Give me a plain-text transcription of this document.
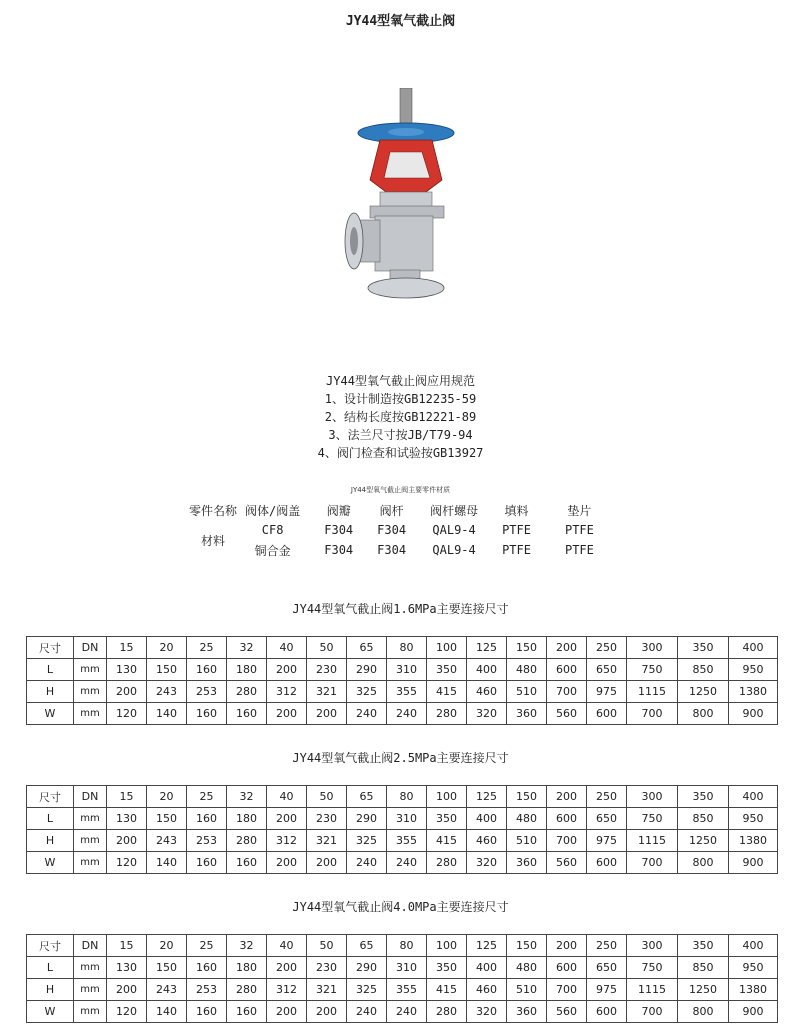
JY44型氧气截止阀
JY44型氧气截止阀应用规范
1、设计制造按GB12235-59
2、结构长度按GB12221-89
3、法兰尺寸按JB/T79-94
4、阀门检查和试验按GB13927
JY44型氧气截止阀主要零件材质
零件名称	阀体/阀盖	阀瓣	阀杆	阀杆螺母	填料	垫片
材料	CF8	F304	F304	QAL9-4	PTFE	PTFE
	铜合金	F304	F304	QAL9-4	PTFE	PTFE
JY44型氧气截止阀1.6MPa主要连接尺寸
尺寸	DN	15	20	25	32	40	50	65	80	100	125	150	200	250	300	350	400
L	mm	130	150	160	180	200	230	290	310	350	400	480	600	650	750	850	950
H	mm	200	243	253	280	312	321	325	355	415	460	510	700	975	1115	1250	1380
W	mm	120	140	160	160	200	200	240	240	280	320	360	560	600	700	800	900
JY44型氧气截止阀2.5MPa主要连接尺寸
尺寸	DN	15	20	25	32	40	50	65	80	100	125	150	200	250	300	350	400
L	mm	130	150	160	180	200	230	290	310	350	400	480	600	650	750	850	950
H	mm	200	243	253	280	312	321	325	355	415	460	510	700	975	1115	1250	1380
W	mm	120	140	160	160	200	200	240	240	280	320	360	560	600	700	800	900
JY44型氧气截止阀4.0MPa主要连接尺寸
尺寸	DN	15	20	25	32	40	50	65	80	100	125	150	200	250	300	350	400
L	mm	130	150	160	180	200	230	290	310	350	400	480	600	650	750	850	950
H	mm	200	243	253	280	312	321	325	355	415	460	510	700	975	1115	1250	1380
W	mm	120	140	160	160	200	200	240	240	280	320	360	560	600	700	800	900
